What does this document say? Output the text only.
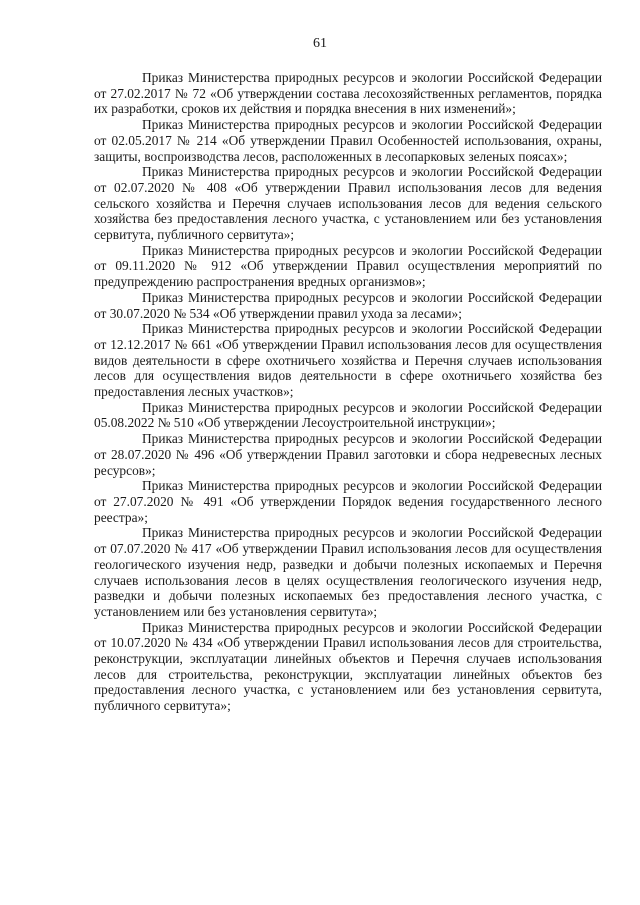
61

Приказ Министерства природных ресурсов и экологии Российской Федерации от 27.02.2017 № 72 «Об утверждении состава лесохозяйственных регламентов, порядка их разработки, сроков их действия и порядка внесения в них изменений»;

Приказ Министерства природных ресурсов и экологии Российской Федерации от 02.05.2017 № 214 «Об утверждении Правил Особенностей использования, охраны, защиты, воспроизводства лесов, расположенных в лесопарковых зеленых поясах»;

Приказ Министерства природных ресурсов и экологии Российской Федерации от 02.07.2020 № 408 «Об утверждении Правил использования лесов для ведения сельского хозяйства и Перечня случаев использования лесов для ведения сельского хозяйства без предоставления лесного участка, с установлением или без установления сервитута, публичного сервитута»;

Приказ Министерства природных ресурсов и экологии Российской Федерации от 09.11.2020 № 912 «Об утверждении Правил осуществления мероприятий по предупреждению распространения вредных организмов»;

Приказ Министерства природных ресурсов и экологии Российской Федерации от 30.07.2020 № 534 «Об утверждении правил ухода за лесами»;

Приказ Министерства природных ресурсов и экологии Российской Федерации от 12.12.2017 № 661 «Об утверждении Правил использования лесов для осуществления видов деятельности в сфере охотничьего хозяйства и Перечня случаев использования лесов для осуществления видов деятельности в сфере охотничьего хозяйства без предоставления лесных участков»;

Приказ Министерства природных ресурсов и экологии Российской Федерации 05.08.2022 № 510 «Об утверждении Лесоустроительной инструкции»;

Приказ Министерства природных ресурсов и экологии Российской Федерации от 28.07.2020 № 496 «Об утверждении Правил заготовки и сбора недревесных лесных ресурсов»;

Приказ Министерства природных ресурсов и экологии Российской Федерации от 27.07.2020 № 491 «Об утверждении Порядок ведения государственного лесного реестра»;

Приказ Министерства природных ресурсов и экологии Российской Федерации от 07.07.2020 № 417 «Об утверждении Правил использования лесов для осуществления геологического изучения недр, разведки и добычи полезных ископаемых и Перечня случаев использования лесов в целях осуществления геологического изучения недр, разведки и добычи полезных ископаемых без предоставления лесного участка, с установлением или без установления сервитута»;

Приказ Министерства природных ресурсов и экологии Российской Федерации от 10.07.2020 № 434 «Об утверждении Правил использования лесов для строительства, реконструкции, эксплуатации линейных объектов и Перечня случаев использования лесов для строительства, реконструкции, эксплуатации линейных объектов без предоставления лесного участка, с установлением или без установления сервитута, публичного сервитута»;
